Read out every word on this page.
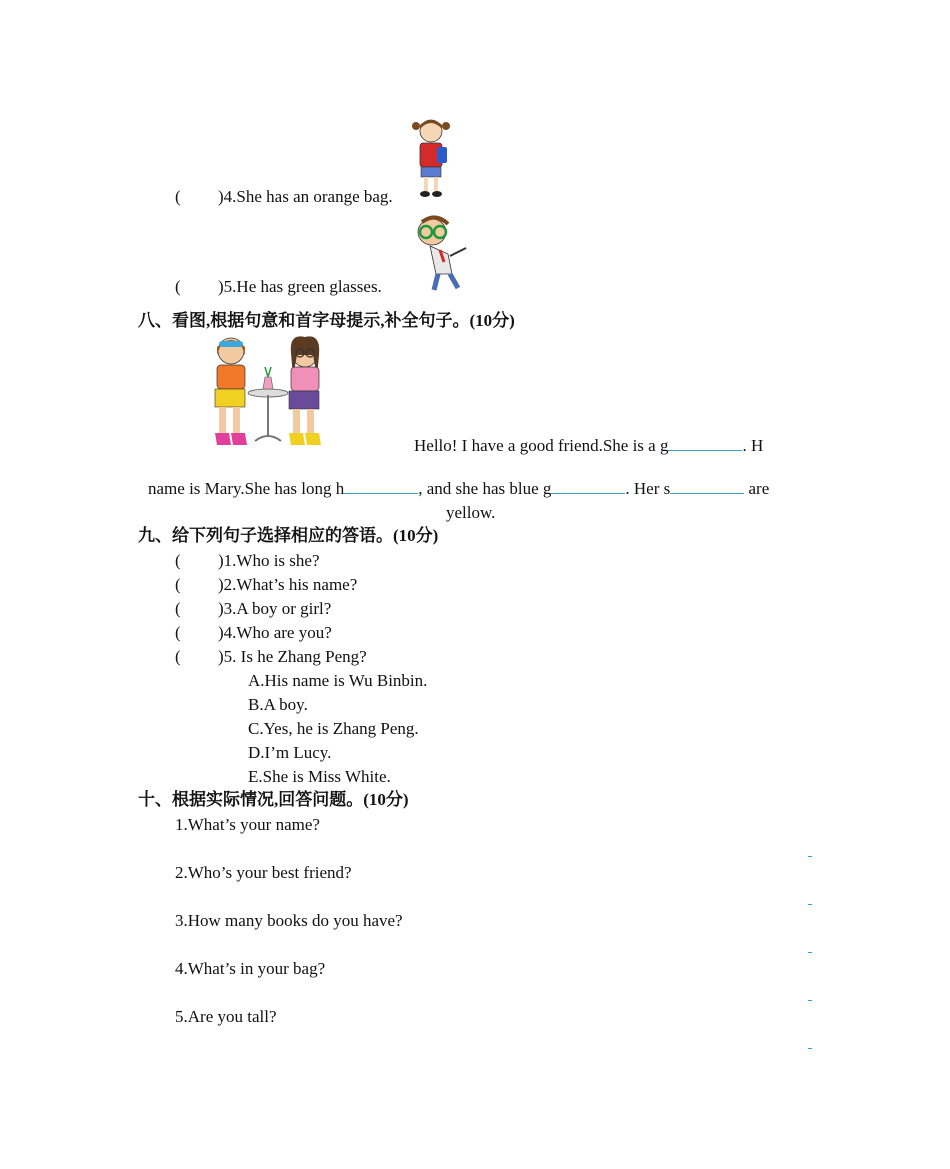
( )4.She has an orange bag.
( )5.He has green glasses.
八、看图,根据句意和首字母提示,补全句子。(10分)
Hello! I have a good friend.She is a g	. H
name is Mary.She has long h	, and she has blue g	. Her s	are
yellow.
九、给下列句子选择相应的答语。(10分)
( )1.Who is she?
( )2.What’s his name?
( )3.A boy or girl?
( )4.Who are you?
( )5. Is he Zhang Peng?
A.His name is Wu Binbin.
B.A boy.
C.Yes, he is Zhang Peng.
D.I’m Lucy.
E.She is Miss White.
十、根据实际情况,回答问题。(10分)
1.What’s your name?
2.Who’s your best friend?
3.How many books do you have?
4.What’s in your bag?
5.Are you tall?
